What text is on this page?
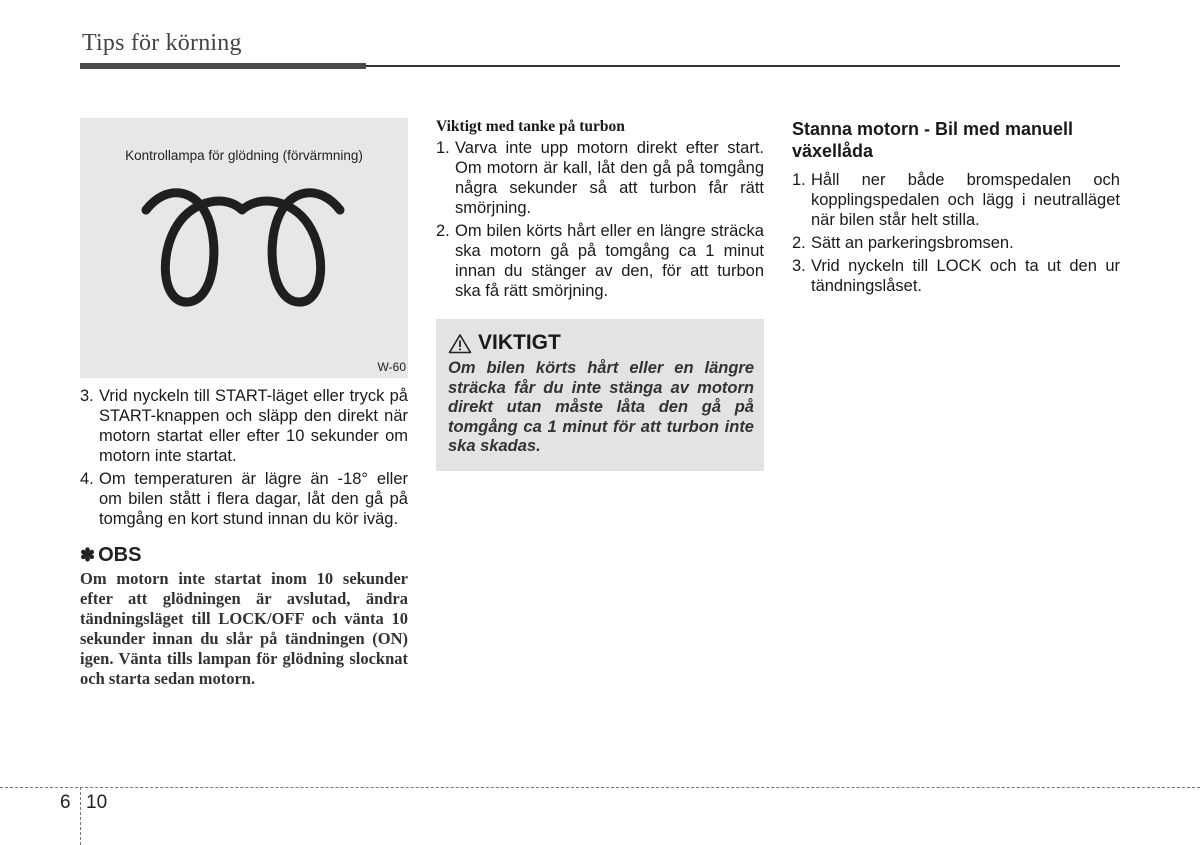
Tips för körning
Kontrollampa för glödning (förvärmning)
W-60
3. Vrid nyckeln till START-läget eller tryck på START-knappen och släpp den direkt när motorn startat eller efter 10 sekunder om motorn inte startat.
4. Om temperaturen är lägre än -18° eller om bilen stått i flera dagar, låt den gå på tomgång en kort stund innan du kör iväg.
✽ OBS
Om motorn inte startat inom 10 sekunder efter att glödningen är avslutad, ändra tändningsläget till LOCK/OFF och vänta 10 sekunder innan du slår på tändningen (ON) igen. Vänta tills lampan för glödning slocknat och starta sedan motorn.
Viktigt med tanke på turbon
1. Varva inte upp motorn direkt efter start. Om motorn är kall, låt den gå på tomgång några sekunder så att turbon får rätt smörjning.
2. Om bilen körts hårt eller en längre sträcka ska motorn gå på tomgång ca 1 minut innan du stänger av den, för att turbon ska få rätt smörjning.
VIKTIGT
Om bilen körts hårt eller en längre sträcka får du inte stänga av motorn direkt utan måste låta den gå på tomgång ca 1 minut för att turbon inte ska skadas.
Stanna motorn - Bil med manuell växellåda
1. Håll ner både bromspedalen och kopplingspedalen och lägg i neutralläget när bilen står helt stilla.
2. Sätt an parkeringsbromsen.
3. Vrid nyckeln till LOCK och ta ut den ur tändningslåset.
6 10
